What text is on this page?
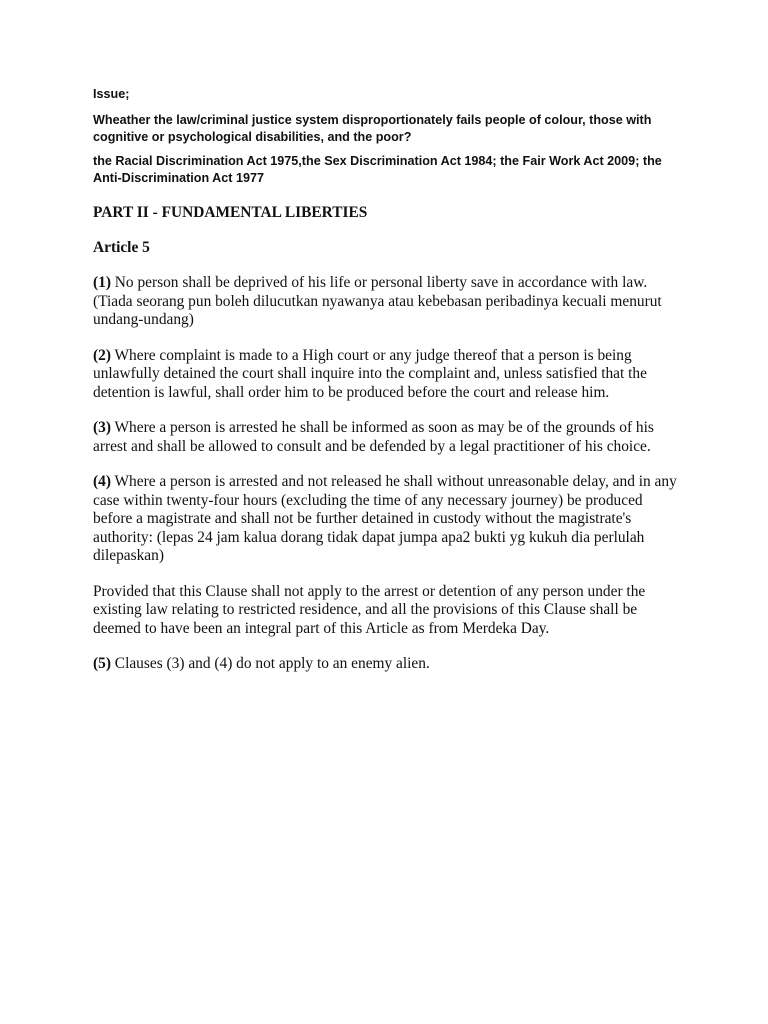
Issue;

Wheather the law/criminal justice system disproportionately fails people of colour, those with cognitive or psychological disabilities, and the poor?

the Racial Discrimination Act 1975,the Sex Discrimination Act 1984; the Fair Work Act 2009; the Anti-Discrimination Act 1977

PART II - FUNDAMENTAL LIBERTIES

Article 5

(1) No person shall be deprived of his life or personal liberty save in accordance with law. (Tiada seorang pun boleh dilucutkan nyawanya atau kebebasan peribadinya kecuali menurut undang-undang)

(2) Where complaint is made to a High court or any judge thereof that a person is being unlawfully detained the court shall inquire into the complaint and, unless satisfied that the detention is lawful, shall order him to be produced before the court and release him.

(3) Where a person is arrested he shall be informed as soon as may be of the grounds of his arrest and shall be allowed to consult and be defended by a legal practitioner of his choice.

(4) Where a person is arrested and not released he shall without unreasonable delay, and in any case within twenty-four hours (excluding the time of any necessary journey) be produced before a magistrate and shall not be further detained in custody without the magistrate's authority: (lepas 24 jam kalua dorang tidak dapat jumpa apa2 bukti yg kukuh dia perlulah dilepaskan)

Provided that this Clause shall not apply to the arrest or detention of any person under the existing law relating to restricted residence, and all the provisions of this Clause shall be deemed to have been an integral part of this Article as from Merdeka Day.

(5) Clauses (3) and (4) do not apply to an enemy alien.
